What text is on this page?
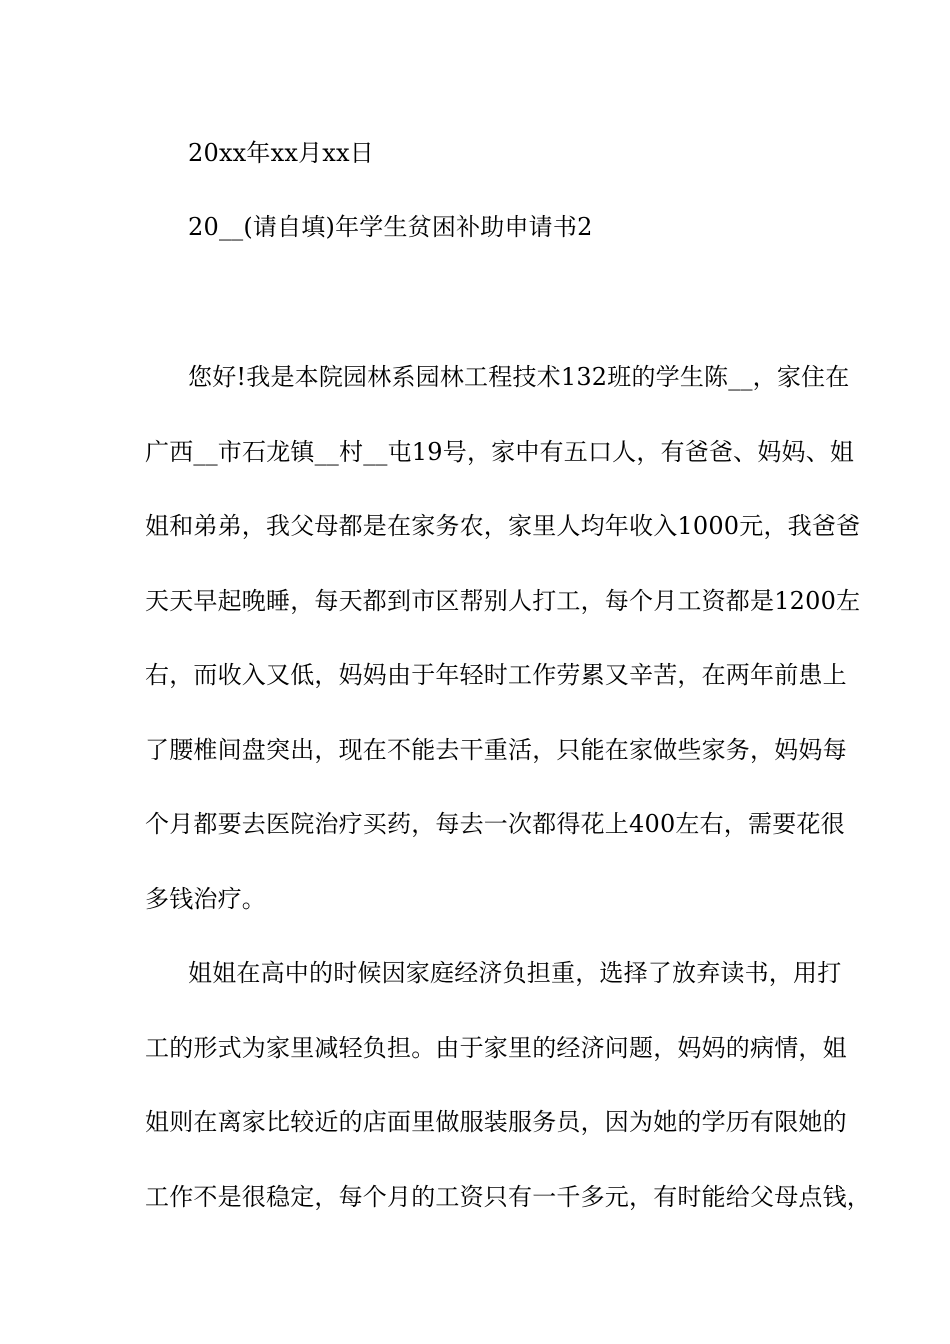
20xx年xx月xx日
20__(请自填)年学生贫困补助申请书2
您好!我是本院园林系园林工程技术132班的学生陈__，家住在
广西__市石龙镇__村__屯19号，家中有五口人，有爸爸、妈妈、姐
姐和弟弟，我父母都是在家务农，家里人均年收入1000元，我爸爸
天天早起晚睡，每天都到市区帮别人打工，每个月工资都是1200左
右，而收入又低，妈妈由于年轻时工作劳累又辛苦，在两年前患上
了腰椎间盘突出，现在不能去干重活，只能在家做些家务，妈妈每
个月都要去医院治疗买药，每去一次都得花上400左右，需要花很
多钱治疗。
姐姐在高中的时候因家庭经济负担重，选择了放弃读书，用打
工的形式为家里减轻负担。由于家里的经济问题，妈妈的病情，姐
姐则在离家比较近的店面里做服装服务员，因为她的学历有限她的
工作不是很稳定，每个月的工资只有一千多元，有时能给父母点钱，
